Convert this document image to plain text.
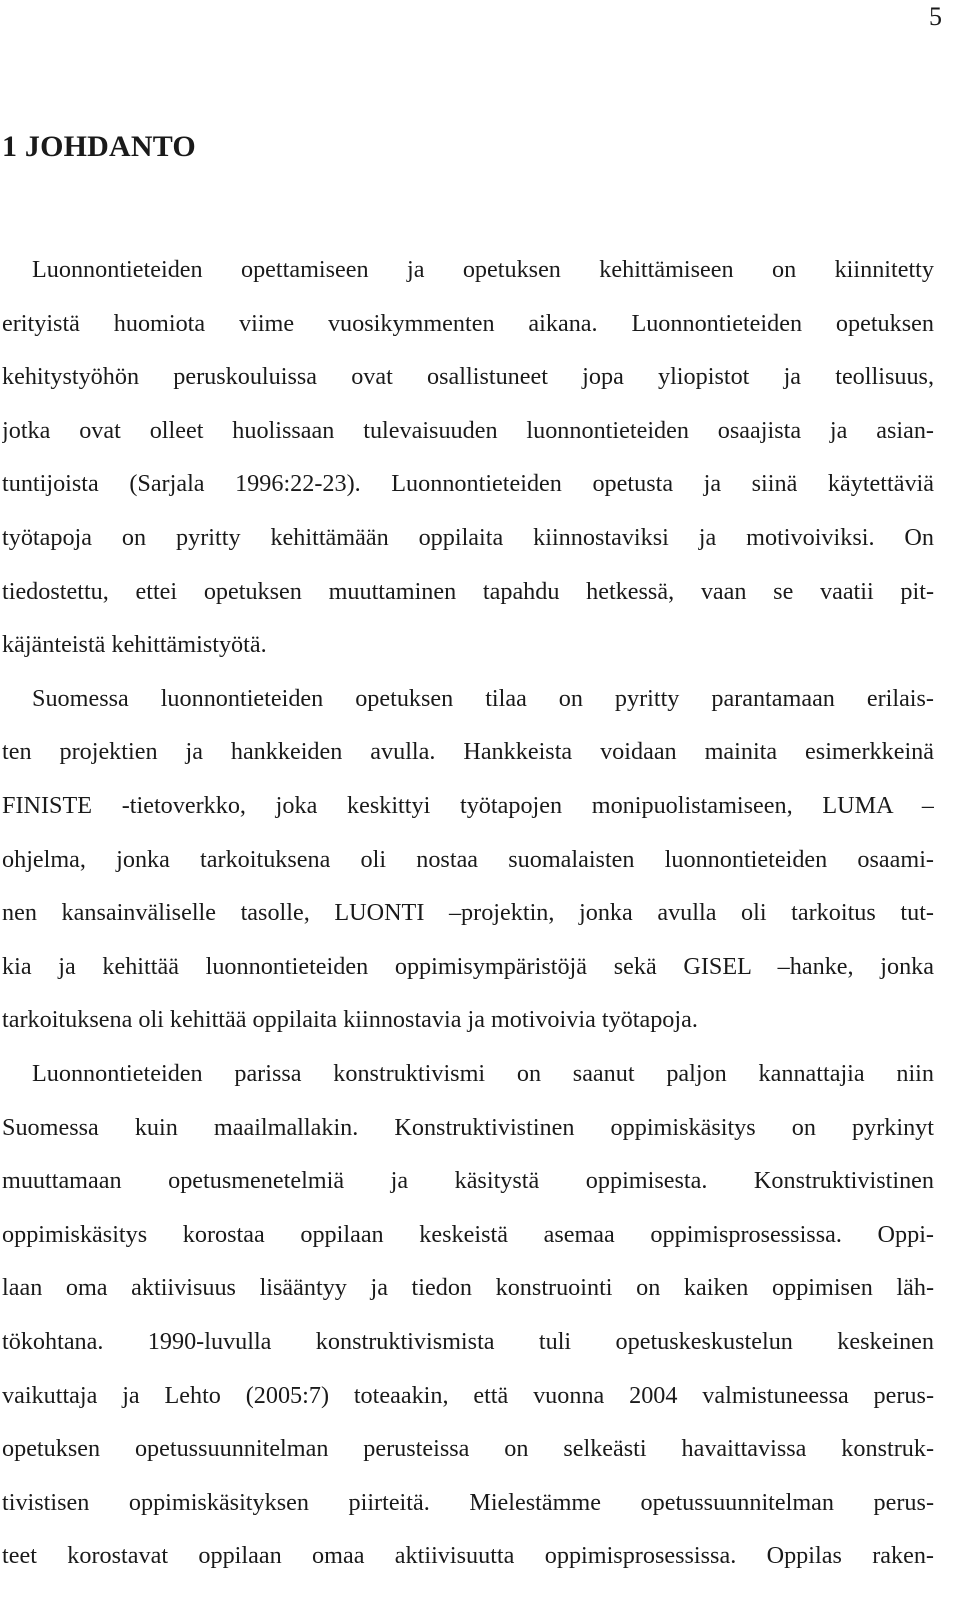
5
1 JOHDANTO
Luonnontieteiden opettamiseen ja opetuksen kehittämiseen on kiinnitetty
erityistä huomiota viime vuosikymmenten aikana. Luonnontieteiden opetuksen
kehitystyöhön peruskouluissa ovat osallistuneet jopa yliopistot ja teollisuus,
jotka ovat olleet huolissaan tulevaisuuden luonnontieteiden osaajista ja asian-
tuntijoista (Sarjala 1996:22-23). Luonnontieteiden opetusta ja siinä käytettäviä
työtapoja on pyritty kehittämään oppilaita kiinnostaviksi ja motivoiviksi. On
tiedostettu, ettei opetuksen muuttaminen tapahdu hetkessä, vaan se vaatii pit-
käjänteistä kehittämistyötä.
Suomessa luonnontieteiden opetuksen tilaa on pyritty parantamaan erilais-
ten projektien ja hankkeiden avulla. Hankkeista voidaan mainita esimerkkeinä
FINISTE -tietoverkko, joka keskittyi työtapojen monipuolistamiseen, LUMA –
ohjelma, jonka tarkoituksena oli nostaa suomalaisten luonnontieteiden osaami-
nen kansainväliselle tasolle, LUONTI –projektin, jonka avulla oli tarkoitus tut-
kia ja kehittää luonnontieteiden oppimisympäristöjä sekä GISEL –hanke, jonka
tarkoituksena oli kehittää oppilaita kiinnostavia ja motivoivia työtapoja.
Luonnontieteiden parissa konstruktivismi on saanut paljon kannattajia niin
Suomessa kuin maailmallakin. Konstruktivistinen oppimiskäsitys on pyrkinyt
muuttamaan opetusmenetelmiä ja käsitystä oppimisesta. Konstruktivistinen
oppimiskäsitys korostaa oppilaan keskeistä asemaa oppimisprosessissa. Oppi-
laan oma aktiivisuus lisääntyy ja tiedon konstruointi on kaiken oppimisen läh-
tökohtana. 1990-luvulla konstruktivismista tuli opetuskeskustelun keskeinen
vaikuttaja ja Lehto (2005:7) toteaakin, että vuonna 2004 valmistuneessa perus-
opetuksen opetussuunnitelman perusteissa on selkeästi havaittavissa konstruk-
tivistisen oppimiskäsityksen piirteitä. Mielestämme opetussuunnitelman perus-
teet korostavat oppilaan omaa aktiivisuutta oppimisprosessissa. Oppilas raken-
